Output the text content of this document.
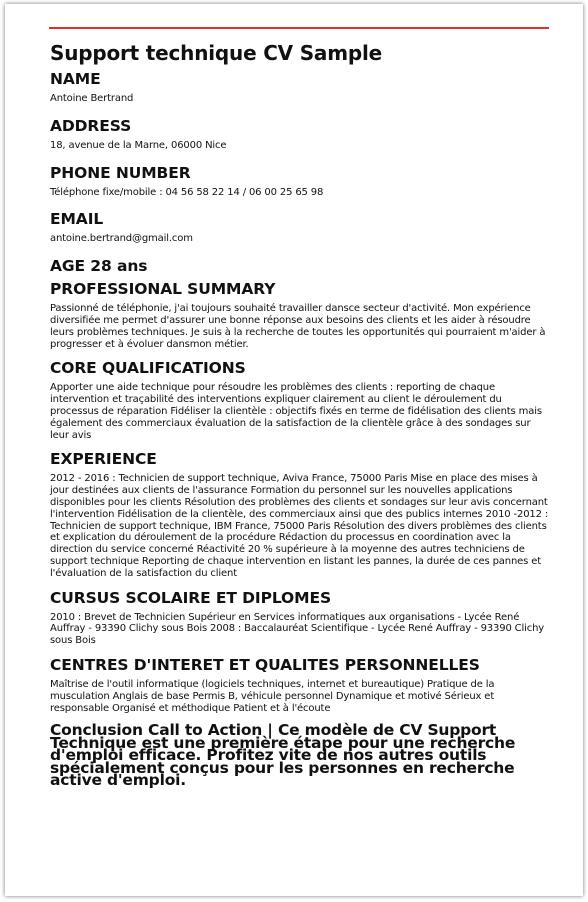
Support technique CV Sample
NAME
Antoine Bertrand
ADDRESS
18, avenue de la Marne, 06000 Nice
PHONE NUMBER
Téléphone fixe/mobile : 04 56 58 22 14 / 06 00 25 65 98
EMAIL
antoine.bertrand@gmail.com
AGE 28 ans
PROFESSIONAL SUMMARY
Passionné de téléphonie, j'ai toujours souhaité travailler dansce secteur d'activité. Mon expérience diversifiée me permet d'assurer une bonne réponse aux besoins des clients et les aider à résoudre leurs problèmes techniques. Je suis à la recherche de toutes les opportunités qui pourraient m'aider à progresser et à évoluer dansmon métier.
CORE QUALIFICATIONS
Apporter une aide technique pour résoudre les problèmes des clients : reporting de chaque intervention et traçabilité des interventions expliquer clairement au client le déroulement du processus de réparation Fidéliser la clientèle : objectifs fixés en terme de fidélisation des clients mais également des commerciaux évaluation de la satisfaction de la clientèle grâce à des sondages sur leur avis
EXPERIENCE
2012 - 2016 : Technicien de support technique, Aviva France, 75000 Paris Mise en place des mises à jour destinées aux clients de l'assurance Formation du personnel sur les nouvelles applications disponibles pour les clients Résolution des problèmes des clients et sondages sur leur avis concernant l'intervention Fidélisation de la clientèle, des commerciaux ainsi que des publics internes 2010 -2012 : Technicien de support technique, IBM France, 75000 Paris Résolution des divers problèmes des clients et explication du déroulement de la procédure Rédaction du processus en coordination avec la direction du service concerné Réactivité 20 % supérieure à la moyenne des autres techniciens de support technique Reporting de chaque intervention en listant les pannes, la durée de ces pannes et l'évaluation de la satisfaction du client
CURSUS SCOLAIRE ET DIPLOMES
2010 : Brevet de Technicien Supérieur en Services informatiques aux organisations - Lycée René Auffray - 93390 Clichy sous Bois 2008 : Baccalauréat Scientifique - Lycée René Auffray - 93390 Clichy sous Bois
CENTRES D'INTERET ET QUALITES PERSONNELLES
Maîtrise de l'outil informatique (logiciels techniques, internet et bureautique) Pratique de la musculation Anglais de base Permis B, véhicule personnel Dynamique et motivé Sérieux et responsable Organisé et méthodique Patient et à l'écoute
Conclusion Call to Action | Ce modèle de CV Support Technique est une première étape pour une recherche d'emploi efficace. Profitez vite de nos autres outils spécialement conçus pour les personnes en recherche active d'emploi.
